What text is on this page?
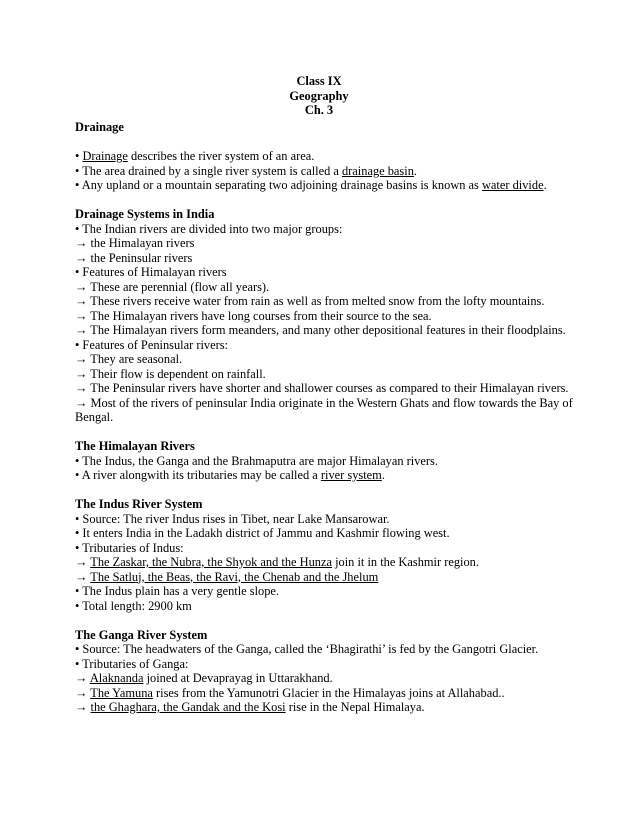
Class IX
Geography
Ch. 3
Drainage
• Drainage describes the river system of an area.
• The area drained by a single river system is called a drainage basin.
• Any upland or a mountain separating two adjoining drainage basins is known as water divide.
Drainage Systems in India
• The Indian rivers are divided into two major groups:
→ the Himalayan rivers
→ the Peninsular rivers
• Features of Himalayan rivers
→ These are perennial (flow all years).
→ These rivers receive water from rain as well as from melted snow from the lofty mountains.
→ The Himalayan rivers have long courses from their source to the sea.
→ The Himalayan rivers form meanders, and many other depositional features in their floodplains.
• Features of Peninsular rivers:
→ They are seasonal.
→ Their flow is dependent on rainfall.
→ The Peninsular rivers have shorter and shallower courses as compared to their Himalayan rivers.
→ Most of the rivers of peninsular India originate in the Western Ghats and flow towards the Bay of Bengal.
The Himalayan Rivers
• The Indus, the Ganga and the Brahmaputra are major Himalayan rivers.
• A river alongwith its tributaries may be called a river system.
The Indus River System
• Source: The river Indus rises in Tibet, near Lake Mansarowar.
• It enters India in the Ladakh district of Jammu and Kashmir flowing west.
• Tributaries of Indus:
→ The Zaskar, the Nubra, the Shyok and the Hunza join it in the Kashmir region.
→ The Satluj, the Beas, the Ravi, the Chenab and the Jhelum
• The Indus plain has a very gentle slope.
• Total length: 2900 km
The Ganga River System
• Source: The headwaters of the Ganga, called the ‘Bhagirathi’ is fed by the Gangotri Glacier.
• Tributaries of Ganga:
→ Alaknanda joined at Devaprayag in Uttarakhand.
→ The Yamuna rises from the Yamunotri Glacier in the Himalayas joins at Allahabad..
→ the Ghaghara, the Gandak and the Kosi rise in the Nepal Himalaya.
